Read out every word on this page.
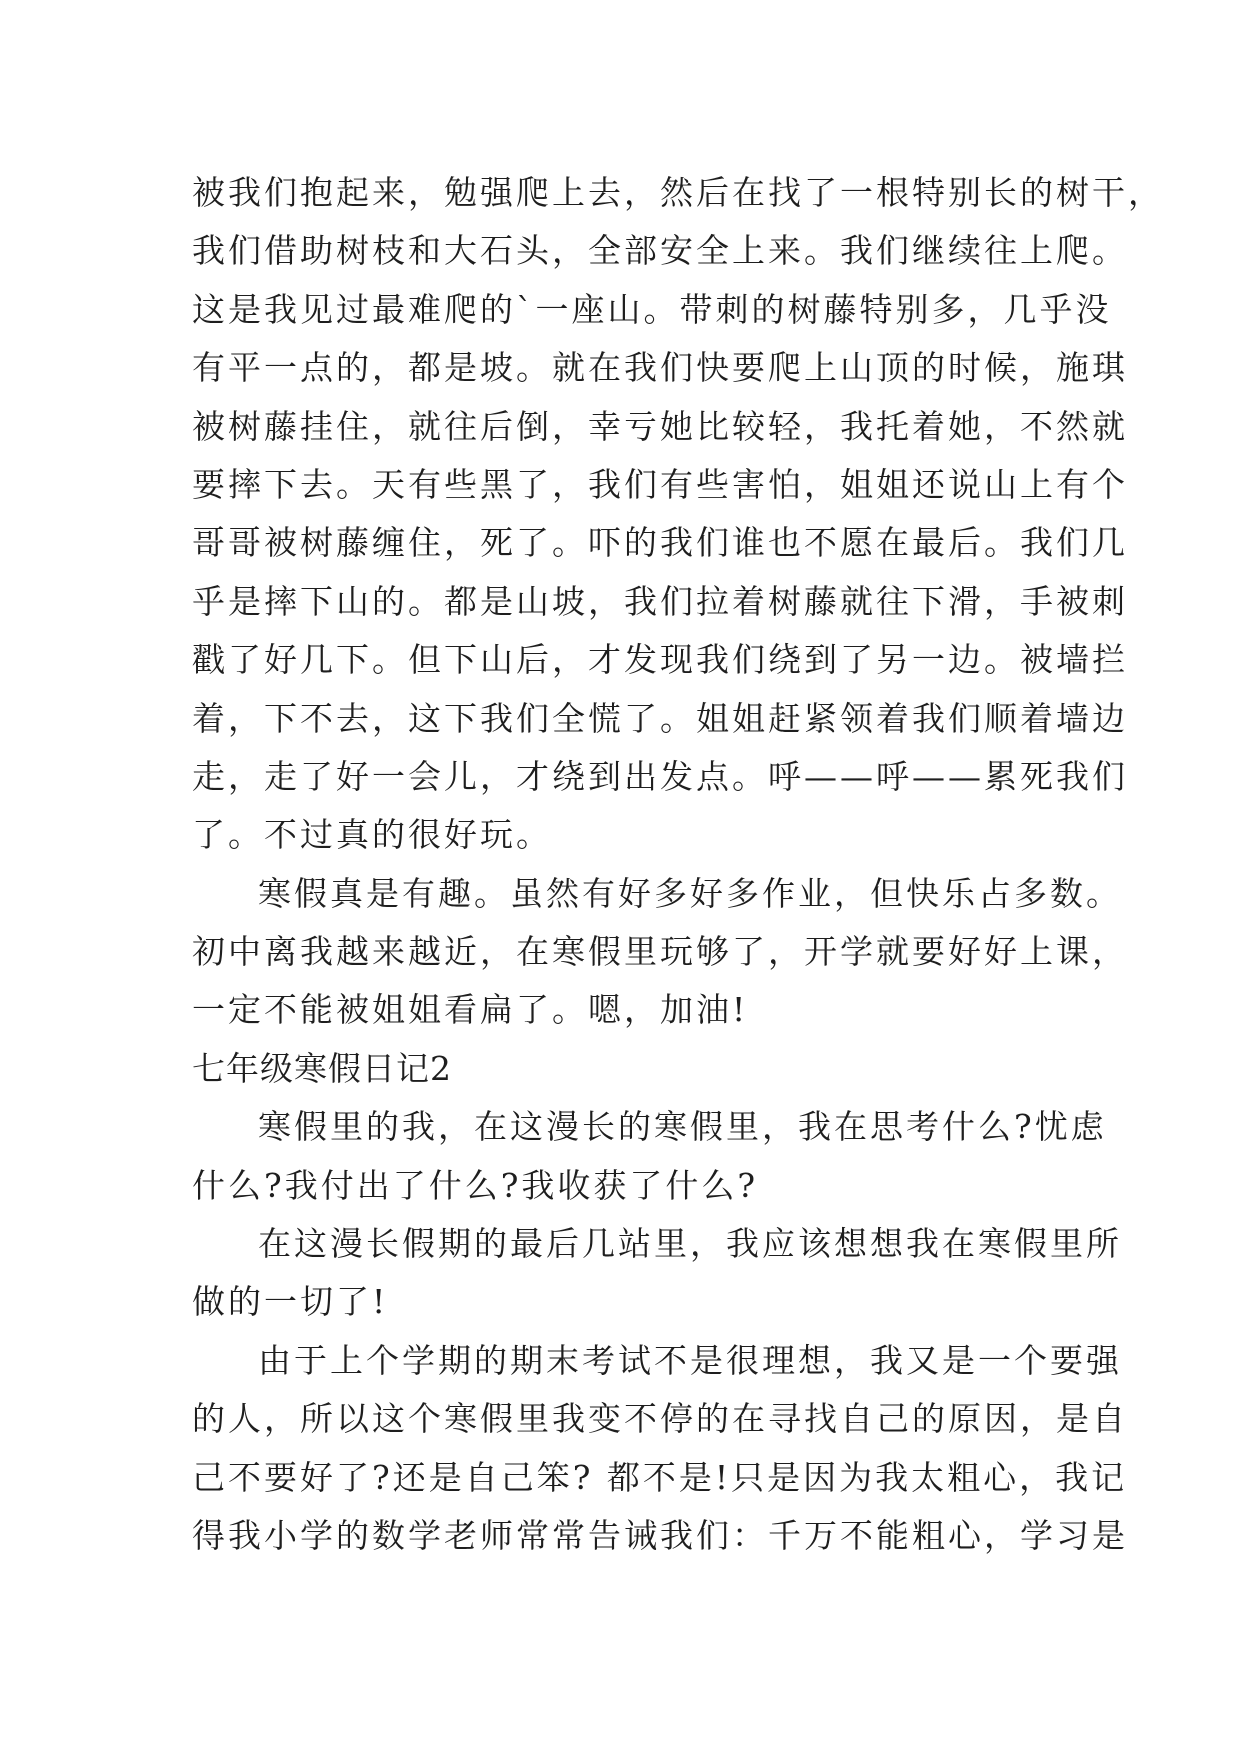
被我们抱起来，勉强爬上去，然后在找了一根特别长的树干，

我们借助树枝和大石头，全部安全上来。我们继续往上爬。

这是我见过最难爬的`一座山。带刺的树藤特别多，几乎没

有平一点的，都是坡。就在我们快要爬上山顶的时候，施琪

被树藤挂住，就往后倒，幸亏她比较轻，我托着她，不然就

要摔下去。天有些黑了，我们有些害怕，姐姐还说山上有个

哥哥被树藤缠住，死了。吓的我们谁也不愿在最后。我们几

乎是摔下山的。都是山坡，我们拉着树藤就往下滑，手被刺

戳了好几下。但下山后，才发现我们绕到了另一边。被墙拦

着，下不去，这下我们全慌了。姐姐赶紧领着我们顺着墙边

走，走了好一会儿，才绕到出发点。呼——呼——累死我们

了。不过真的很好玩。

寒假真是有趣。虽然有好多好多作业，但快乐占多数。

初中离我越来越近，在寒假里玩够了，开学就要好好上课，

一定不能被姐姐看扁了。嗯，加油!

七年级寒假日记2

寒假里的我，在这漫长的寒假里，我在思考什么?忧虑

什么?我付出了什么?我收获了什么?

在这漫长假期的最后几站里，我应该想想我在寒假里所

做的一切了!

由于上个学期的期末考试不是很理想，我又是一个要强

的人，所以这个寒假里我变不停的在寻找自己的原因，是自

己不要好了?还是自己笨? 都不是!只是因为我太粗心，我记

得我小学的数学老师常常告诫我们：千万不能粗心，学习是
